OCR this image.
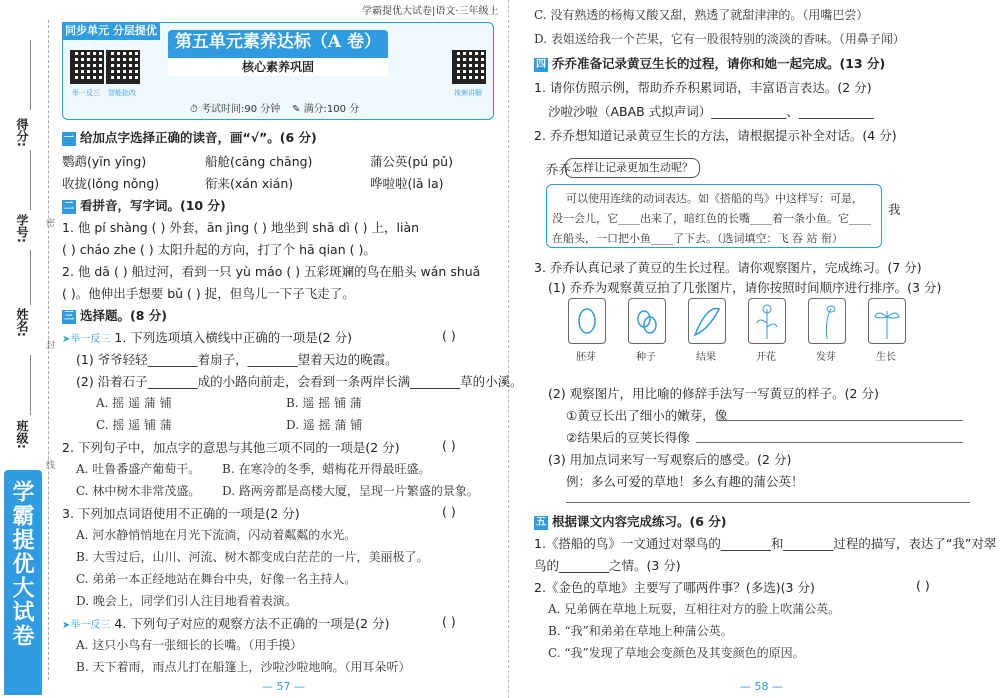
得分:
学号:
姓名:
班级:
密
封
线
学霸提优大试卷
学霸提优大试卷|语文·三年级上
同步单元 分层提优
举一反三 智能批改	视频讲解
第五单元素养达标（A 卷）
核心素养巩固
⏱ 考试时间:90 分钟 ✎ 满分:100 分
一 给加点字选择正确的读音，画“√”。(6 分)
鹦鹉(yīn yīng)	船舱(cāng chāng)	蒲公英(pú pǔ)
收拢(lǒng nǒng)	衔来(xán xián)	哗啦啦(lā la)
二 看拼音，写字词。(10 分)
1. 他 pí shàng ( ) 外套，ān jìng ( ) 地坐到 shā dì ( ) 上，liàn
( ) cháo zhe ( ) 太阳升起的方向，打了个 hā qian ( )。
2. 他 dā ( ) 船过河，看到一只 yù máo ( ) 五彩斑斓的鸟在船头 wán shuǎ
( )。他伸出手想要 bǔ ( ) 捉，但鸟儿一下子飞走了。
三 选择题。(8 分)
➤举一反三 1. 下列选项填入横线中正确的一项是(2 分)	( )
(1) 爷爷轻轻________着扇子，________望着天边的晚霞。
(2) 沿着石子________成的小路向前走，会看到一条两岸长满________草的小溪。
A. 摇 遥 蒲 铺	B. 遥 摇 铺 蒲
C. 摇 遥 铺 蒲	D. 遥 摇 蒲 铺
2. 下列句子中，加点字的意思与其他三项不同的一项是(2 分)	( )
A. 吐鲁番盛产葡萄干。 B. 在寒冷的冬季，蜡梅花开得最旺盛。
C. 林中树木非常茂盛。 D. 路两旁都是高楼大厦，呈现一片繁盛的景象。
3. 下列加点词语使用不正确的一项是(2 分)	( )
A. 河水静悄悄地在月光下流淌，闪动着粼粼的水光。
B. 大雪过后，山川、河流、树木都变成白茫茫的一片，美丽极了。
C. 弟弟一本正经地站在舞台中央，好像一名主持人。
D. 晚会上，同学们引人注目地看着表演。
➤举一反三 4. 下列句子对应的观察方法不正确的一项是(2 分)	( )
A. 这只小鸟有一张细长的长嘴。（用手摸）
B. 天下着雨，雨点儿打在船篷上，沙啦沙啦地响。（用耳朵听）
— 57 —
C. 没有熟透的杨梅又酸又甜，熟透了就甜津津的。（用嘴巴尝）
D. 表姐送给我一个芒果，它有一股很特别的淡淡的香味。（用鼻子闻）
四 乔乔准备记录黄豆生长的过程，请你和她一起完成。(13 分)
1. 请你仿照示例，帮助乔乔积累词语，丰富语言表达。(2 分)
沙啦沙啦（ABAB 式拟声词）____________、____________
2. 乔乔想知道记录黄豆生长的方法，请根据提示补全对话。(4 分)
乔乔 怎样让记录更加生动呢？
可以使用连续的动词表达。如《搭船的鸟》中这样写：可是，
没一会儿，它____出来了，暗红色的长嘴____着一条小鱼。它____
在船头，一口把小鱼____了下去。（选词填空：飞 吞 站 衔）
我
3. 乔乔认真记录了黄豆的生长过程。请你观察图片，完成练习。(7 分)
(1) 乔乔为观察黄豆拍了几张图片，请你按照时间顺序进行排序。(3 分)
胚芽	种子	结果	开花	发芽	生长
(2) 观察图片，用比喻的修辞手法写一写黄豆的样子。(2 分)
①黄豆长出了细小的嫩芽，像
②结果后的豆荚长得像
(3) 用加点词来写一写观察后的感受。(2 分)
例：多么可爱的草地！多么有趣的蒲公英！
五 根据课文内容完成练习。(6 分)
1.《搭船的鸟》一文通过对翠鸟的________和________过程的描写，表达了“我”对翠
鸟的________之情。(3 分)
2.《金色的草地》主要写了哪两件事？(多选)(3 分)	( )
A. 兄弟俩在草地上玩耍，互相往对方的脸上吹蒲公英。
B. “我”和弟弟在草地上种蒲公英。
C. “我”发现了草地会变颜色及其变颜色的原因。
— 58 —
